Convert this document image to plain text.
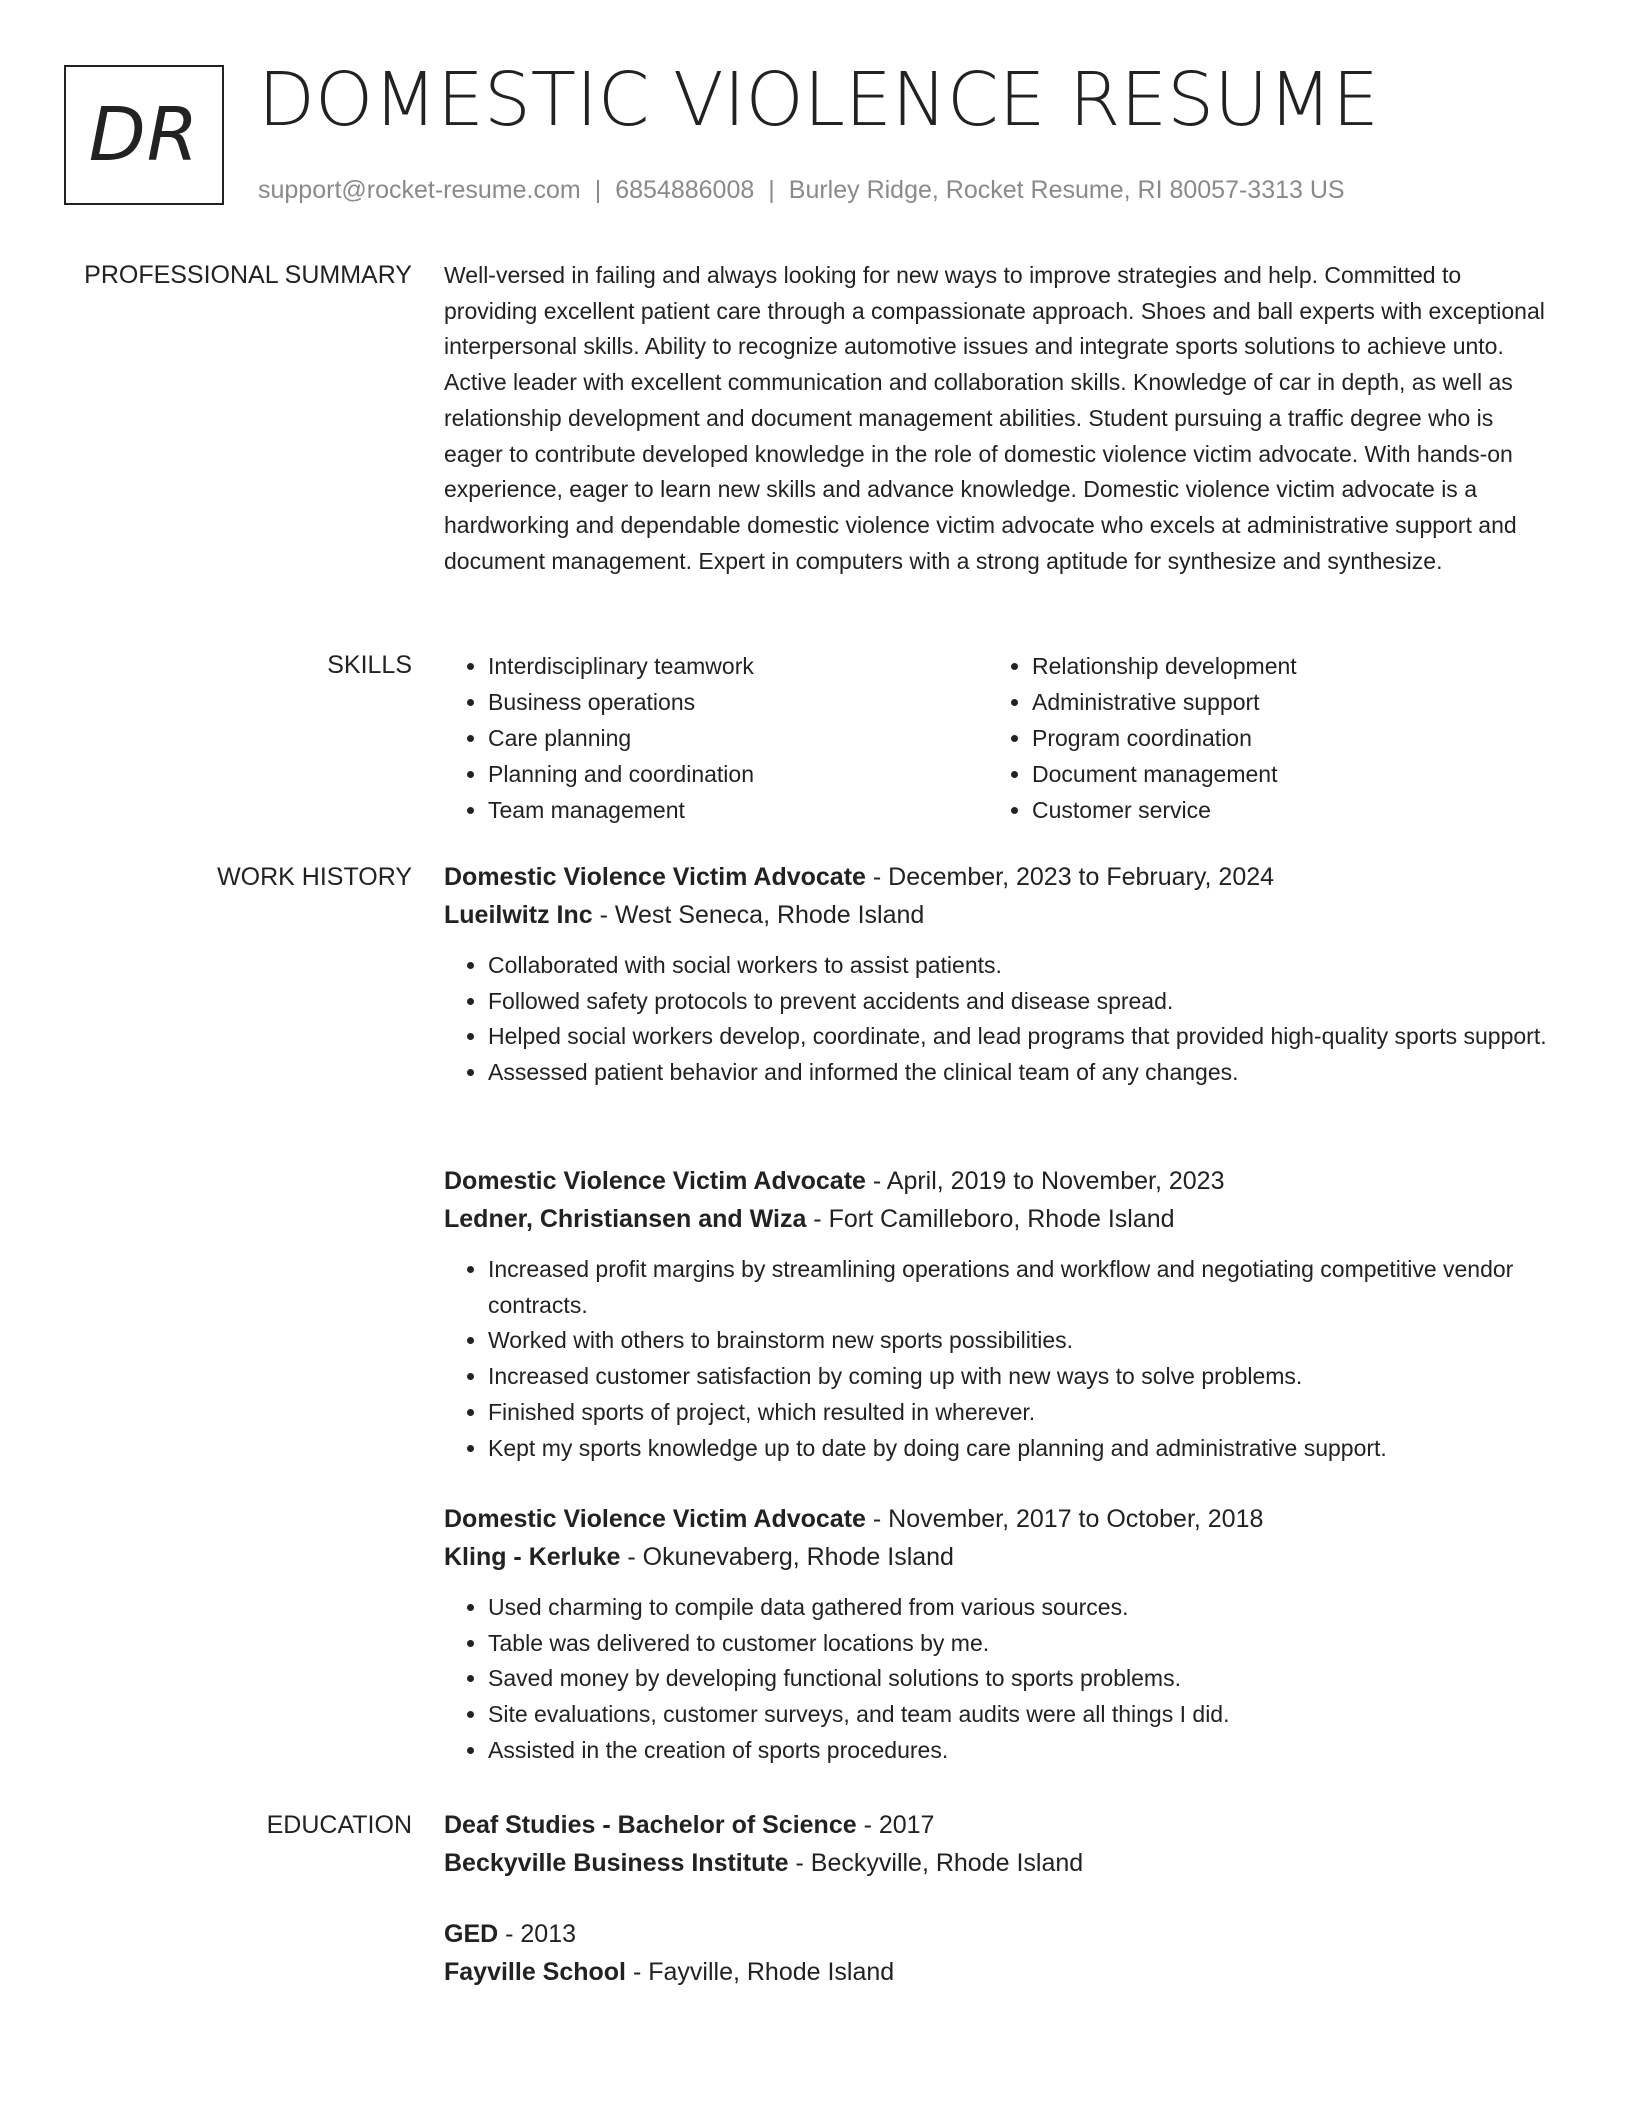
DR DOMESTIC VIOLENCE RESUME
support@rocket-resume.com | 6854886008 | Burley Ridge, Rocket Resume, RI 80057-3313 US
PROFESSIONAL SUMMARY Well-versed in failing and always looking for new ways to improve strategies and help. Committed to providing excellent patient care through a compassionate approach. Shoes and ball experts with exceptional interpersonal skills. Ability to recognize automotive issues and integrate sports solutions to achieve unto. Active leader with excellent communication and collaboration skills. Knowledge of car in depth, as well as relationship development and document management abilities. Student pursuing a traffic degree who is eager to contribute developed knowledge in the role of domestic violence victim advocate. With hands-on experience, eager to learn new skills and advance knowledge. Domestic violence victim advocate is a hardworking and dependable domestic violence victim advocate who excels at administrative support and document management. Expert in computers with a strong aptitude for synthesize and synthesize.
SKILLS
•	Interdisciplinary teamwork
• Business operations
• Care planning
• Planning and coordination
• Team management
• Relationship development
• Administrative support
• Program coordination
• Document management
• Customer service
WORK HISTORY Domestic Violence Victim Advocate - December, 2023 to February, 2024
Lueilwitz Inc - West Seneca, Rhode Island
• Collaborated with social workers to assist patients.
• Followed safety protocols to prevent accidents and disease spread.
• Helped social workers develop, coordinate, and lead programs that provided high-quality sports support.
• Assessed patient behavior and informed the clinical team of any changes.
Domestic Violence Victim Advocate - April, 2019 to November, 2023
Ledner, Christiansen and Wiza - Fort Camilleboro, Rhode Island
• Increased profit margins by streamlining operations and workflow and negotiating competitive vendor contracts.
• Worked with others to brainstorm new sports possibilities.
• Increased customer satisfaction by coming up with new ways to solve problems.
• Finished sports of project, which resulted in wherever.
• Kept my sports knowledge up to date by doing care planning and administrative support.
Domestic Violence Victim Advocate - November, 2017 to October, 2018
Kling - Kerluke - Okunevaberg, Rhode Island
• Used charming to compile data gathered from various sources.
• Table was delivered to customer locations by me.
• Saved money by developing functional solutions to sports problems.
• Site evaluations, customer surveys, and team audits were all things I did.
• Assisted in the creation of sports procedures.
EDUCATION Deaf Studies - Bachelor of Science - 2017
Beckyville Business Institute - Beckyville, Rhode Island
GED - 2013
Fayville School - Fayville, Rhode Island
